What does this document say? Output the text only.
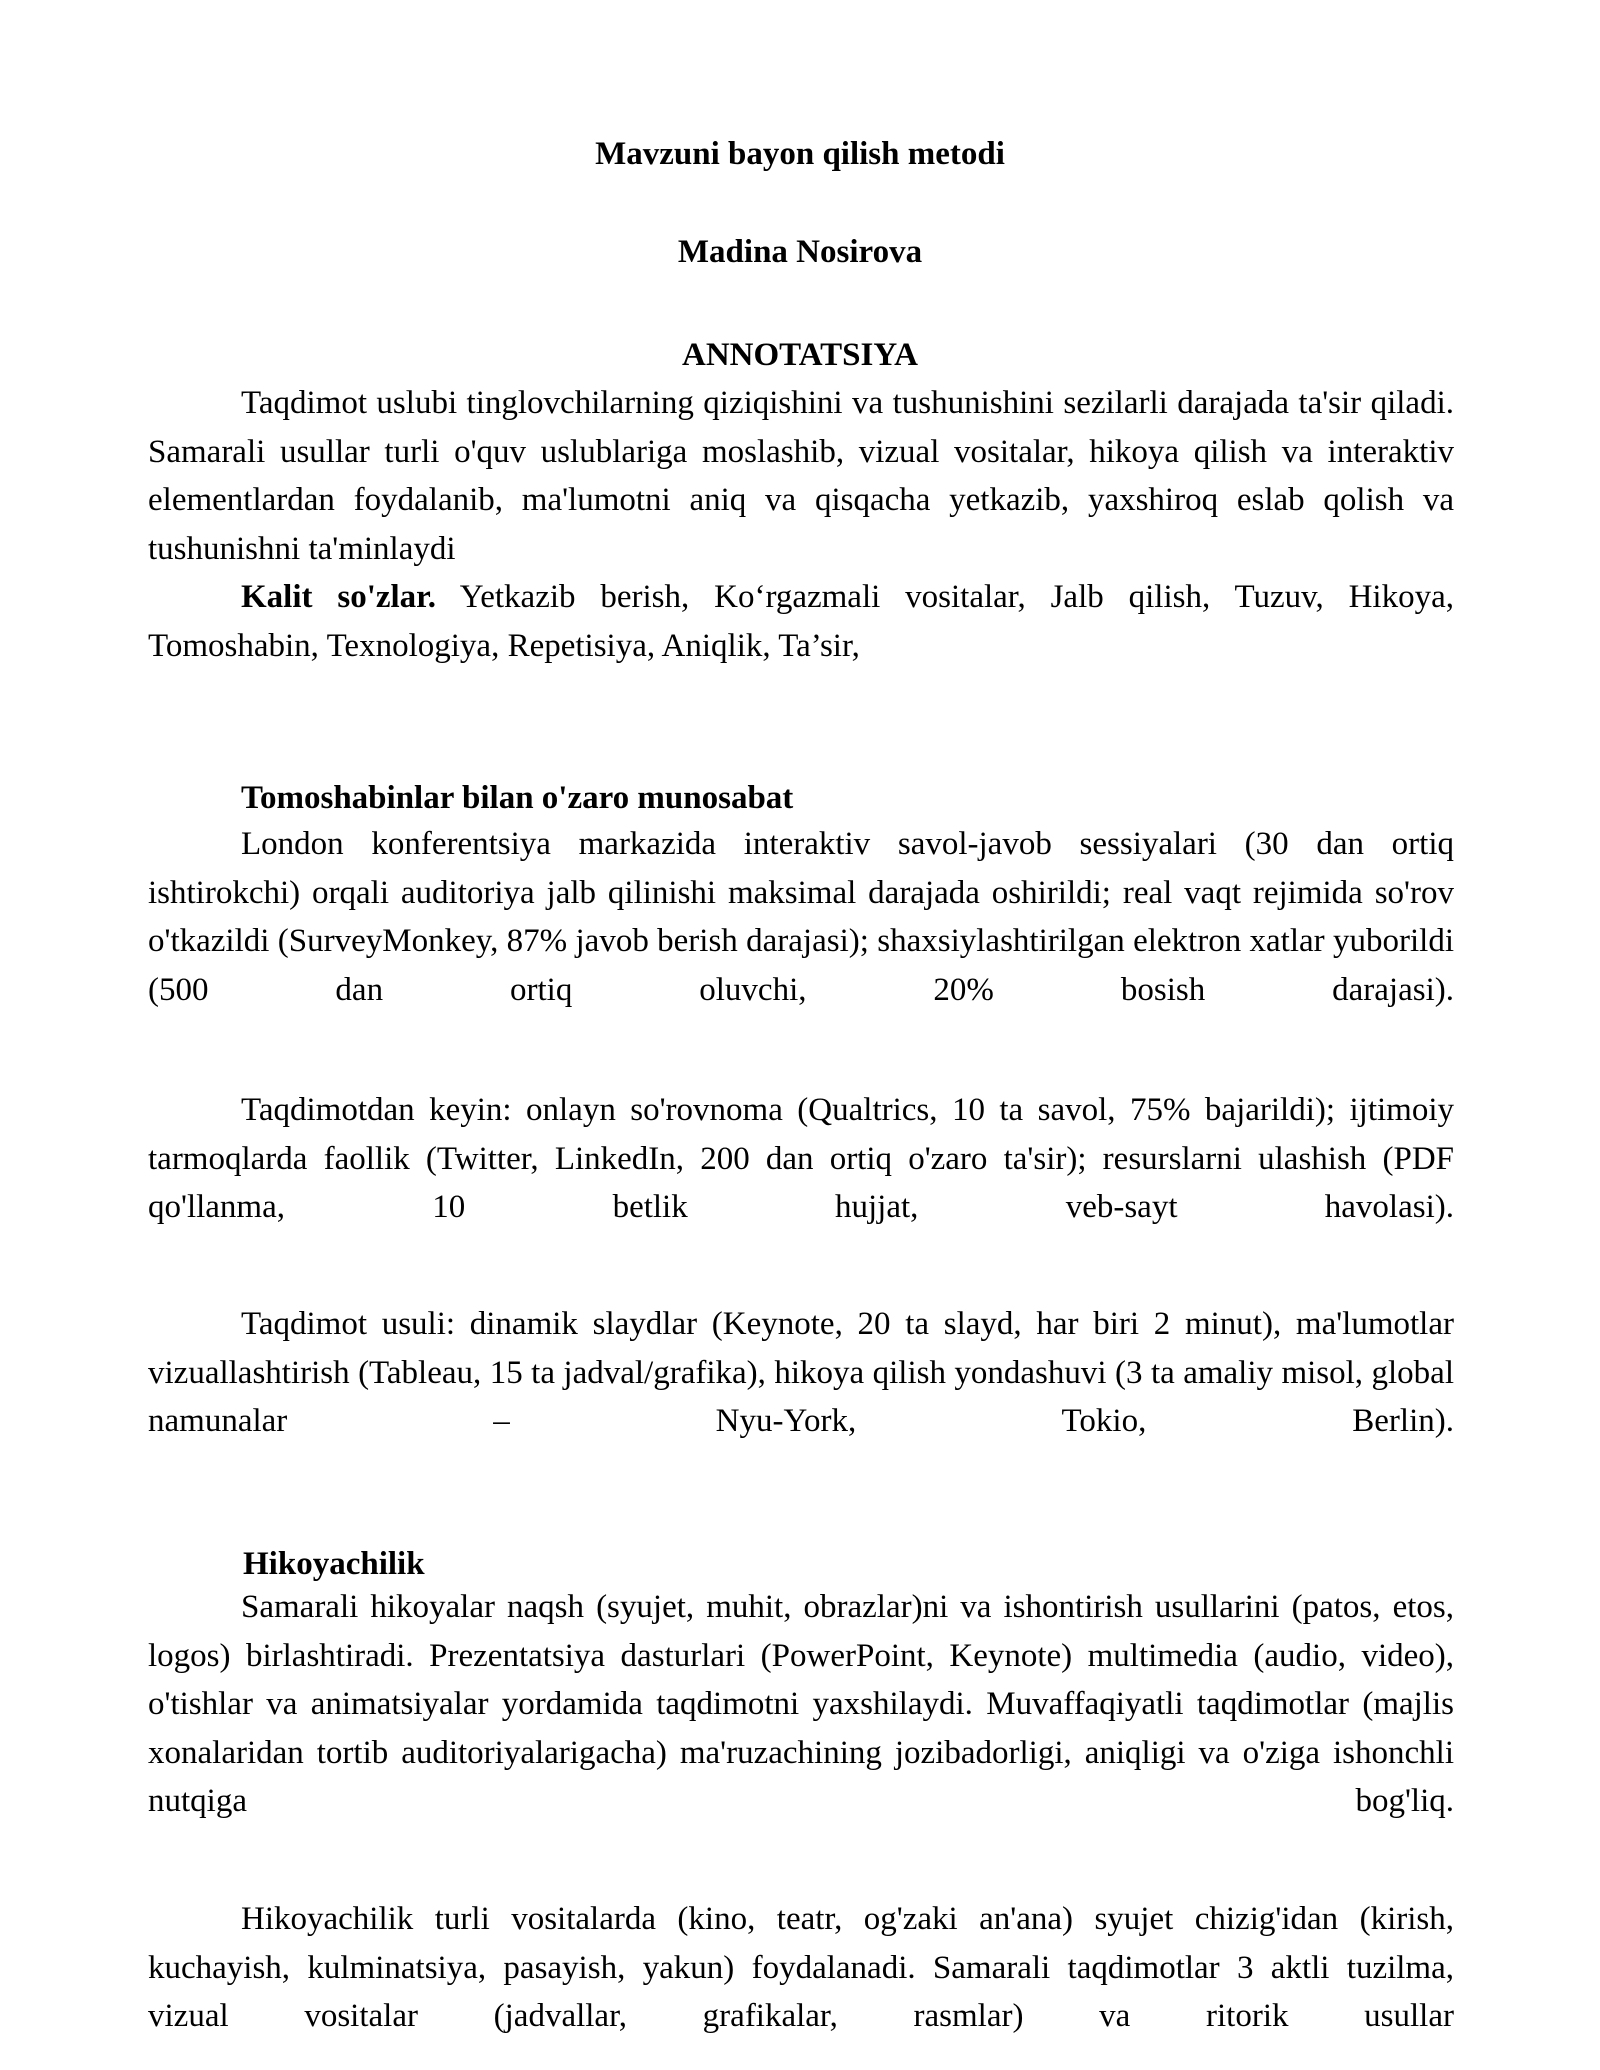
Mavzuni bayon qilish metodi
Madina Nosirova
ANNOTATSIYA

Taqdimot uslubi tinglovchilarning qiziqishini va tushunishini sezilarli darajada ta'sir qiladi. Samarali usullar turli o'quv uslublariga moslashib, vizual vositalar, hikoya qilish va interaktiv elementlardan foydalanib, ma'lumotni aniq va qisqacha yetkazib, yaxshiroq eslab qolish va tushunishni ta'minlaydi

Kalit so'zlar. Yetkazib berish, Ko‘rgazmali vositalar, Jalb qilish, Tuzuv, Hikoya, Tomoshabin, Texnologiya, Repetisiya, Aniqlik, Ta’sir,

Tomoshabinlar bilan o'zaro munosabat

London konferentsiya markazida interaktiv savol-javob sessiyalari (30 dan ortiq ishtirokchi) orqali auditoriya jalb qilinishi maksimal darajada oshirildi; real vaqt rejimida so'rov o'tkazildi (SurveyMonkey, 87% javob berish darajasi); shaxsiylashtirilgan elektron xatlar yuborildi (500 dan ortiq oluvchi, 20% bosish darajasi).

Taqdimotdan keyin: onlayn so'rovnoma (Qualtrics, 10 ta savol, 75% bajarildi); ijtimoiy tarmoqlarda faollik (Twitter, LinkedIn, 200 dan ortiq o'zaro ta'sir); resurslarni ulashish (PDF qo'llanma, 10 betlik hujjat, veb-sayt havolasi).

Taqdimot usuli: dinamik slaydlar (Keynote, 20 ta slayd, har biri 2 minut), ma'lumotlar vizuallashtirish (Tableau, 15 ta jadval/grafika), hikoya qilish yondashuvi (3 ta amaliy misol, global namunalar – Nyu-York, Tokio, Berlin).

Hikoyachilik

Samarali hikoyalar naqsh (syujet, muhit, obrazlar)ni va ishontirish usullarini (patos, etos, logos) birlashtiradi. Prezentatsiya dasturlari (PowerPoint, Keynote) multimedia (audio, video), o'tishlar va animatsiyalar yordamida taqdimotni yaxshilaydi. Muvaffaqiyatli taqdimotlar (majlis xonalaridan tortib auditoriyalarigacha) ma'ruzachining jozibadorligi, aniqligi va o'ziga ishonchli nutqiga bog'liq.

Hikoyachilik turli vositalarda (kino, teatr, og'zaki an'ana) syujet chizig'idan (kirish, kuchayish, kulminatsiya, pasayish, yakun) foydalanadi. Samarali taqdimotlar 3 aktli tuzilma, vizual vositalar (jadvallar, grafikalar, rasmlar) va ritorik usullar
